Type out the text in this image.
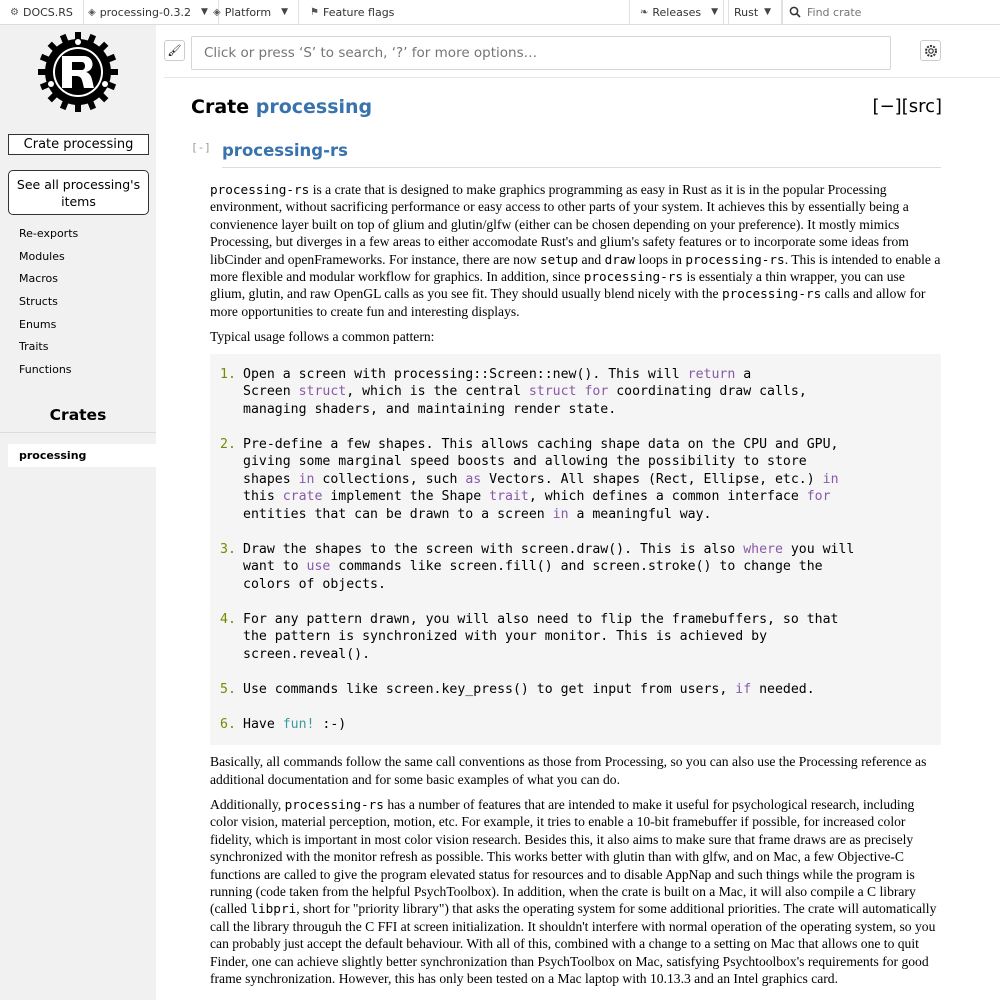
⚙ DOCS.RS ◈ processing-0.3.2 ▼ ◈ Platform ▼ ⚑ Feature flags	❧ Releases ▼ Rust ▼
Find crate
Crate processing
See all processing's items
Re-exports
Modules
Macros
Structs
Enums
Traits
Functions
Crates
processing
🖌
Click or press ‘S’ to search, ‘?’ for more options…
Crate processing	[−][src]
[-] processing-rs

processing-rs is a crate that is designed to make graphics programming as easy in Rust as it is in the popular Processing environment, without sacrificing performance or easy access to other parts of your system. It achieves this by essentially being a convienence layer built on top of glium and glutin/glfw (either can be chosen depending on your preference). It mostly mimics Processing, but diverges in a few areas to either accomodate Rust's and glium's safety features or to incorporate some ideas from libCinder and openFrameworks. For instance, there are now setup and draw loops in processing-rs. This is intended to enable a more flexible and modular workflow for graphics. In addition, since processing-rs is essentialy a thin wrapper, you can use glium, glutin, and raw OpenGL calls as you see fit. They should usually blend nicely with the processing-rs calls and allow for more opportunities to create fun and interesting displays.

Typical usage follows a common pattern:

1. Open a screen with processing::Screen::new(). This will return a
Screen struct, which is the central struct for coordinating draw calls,
managing shaders, and maintaining render state.
2. Pre-define a few shapes. This allows caching shape data on the CPU and GPU,
giving some marginal speed boosts and allowing the possibility to store
shapes in collections, such as Vectors. All shapes (Rect, Ellipse, etc.) in
this crate implement the Shape trait, which defines a common interface for
entities that can be drawn to a screen in a meaningful way.
3. Draw the shapes to the screen with screen.draw(). This is also where you will
want to use commands like screen.fill() and screen.stroke() to change the
colors of objects.
4. For any pattern drawn, you will also need to flip the framebuffers, so that
the pattern is synchronized with your monitor. This is achieved by
screen.reveal().
5. Use commands like screen.key_press() to get input from users, if needed.
6. Have fun! :-)

Basically, all commands follow the same call conventions as those from Processing, so you can also use the Processing reference as additional documentation and for some basic examples of what you can do.

Additionally, processing-rs has a number of features that are intended to make it useful for psychological research, including color vision, material perception, motion, etc. For example, it tries to enable a 10-bit framebuffer if possible, for increased color fidelity, which is important in most color vision research. Besides this, it also aims to make sure that frame draws are as precisely synchronized with the monitor refresh as possible. This works better with glutin than with glfw, and on Mac, a few Objective-C functions are called to give the program elevated status for resources and to disable AppNap and such things while the program is running (code taken from the helpful PsychToolbox). In addition, when the crate is built on a Mac, it will also compile a C library (called libpri, short for "priority library") that asks the operating system for some additional priorities. The crate will automatically call the library througuh the C FFI at screen initialization. It shouldn't interfere with normal operation of the operating system, so you can probably just accept the default behaviour. With all of this, combined with a change to a setting on Mac that allows one to quit Finder, one can achieve slightly better synchronization than PsychToolbox on Mac, satisfying Psychtoolbox's requirements for good frame synchronization. However, this has only been tested on a Mac laptop with 10.13.3 and an Intel graphics card.
